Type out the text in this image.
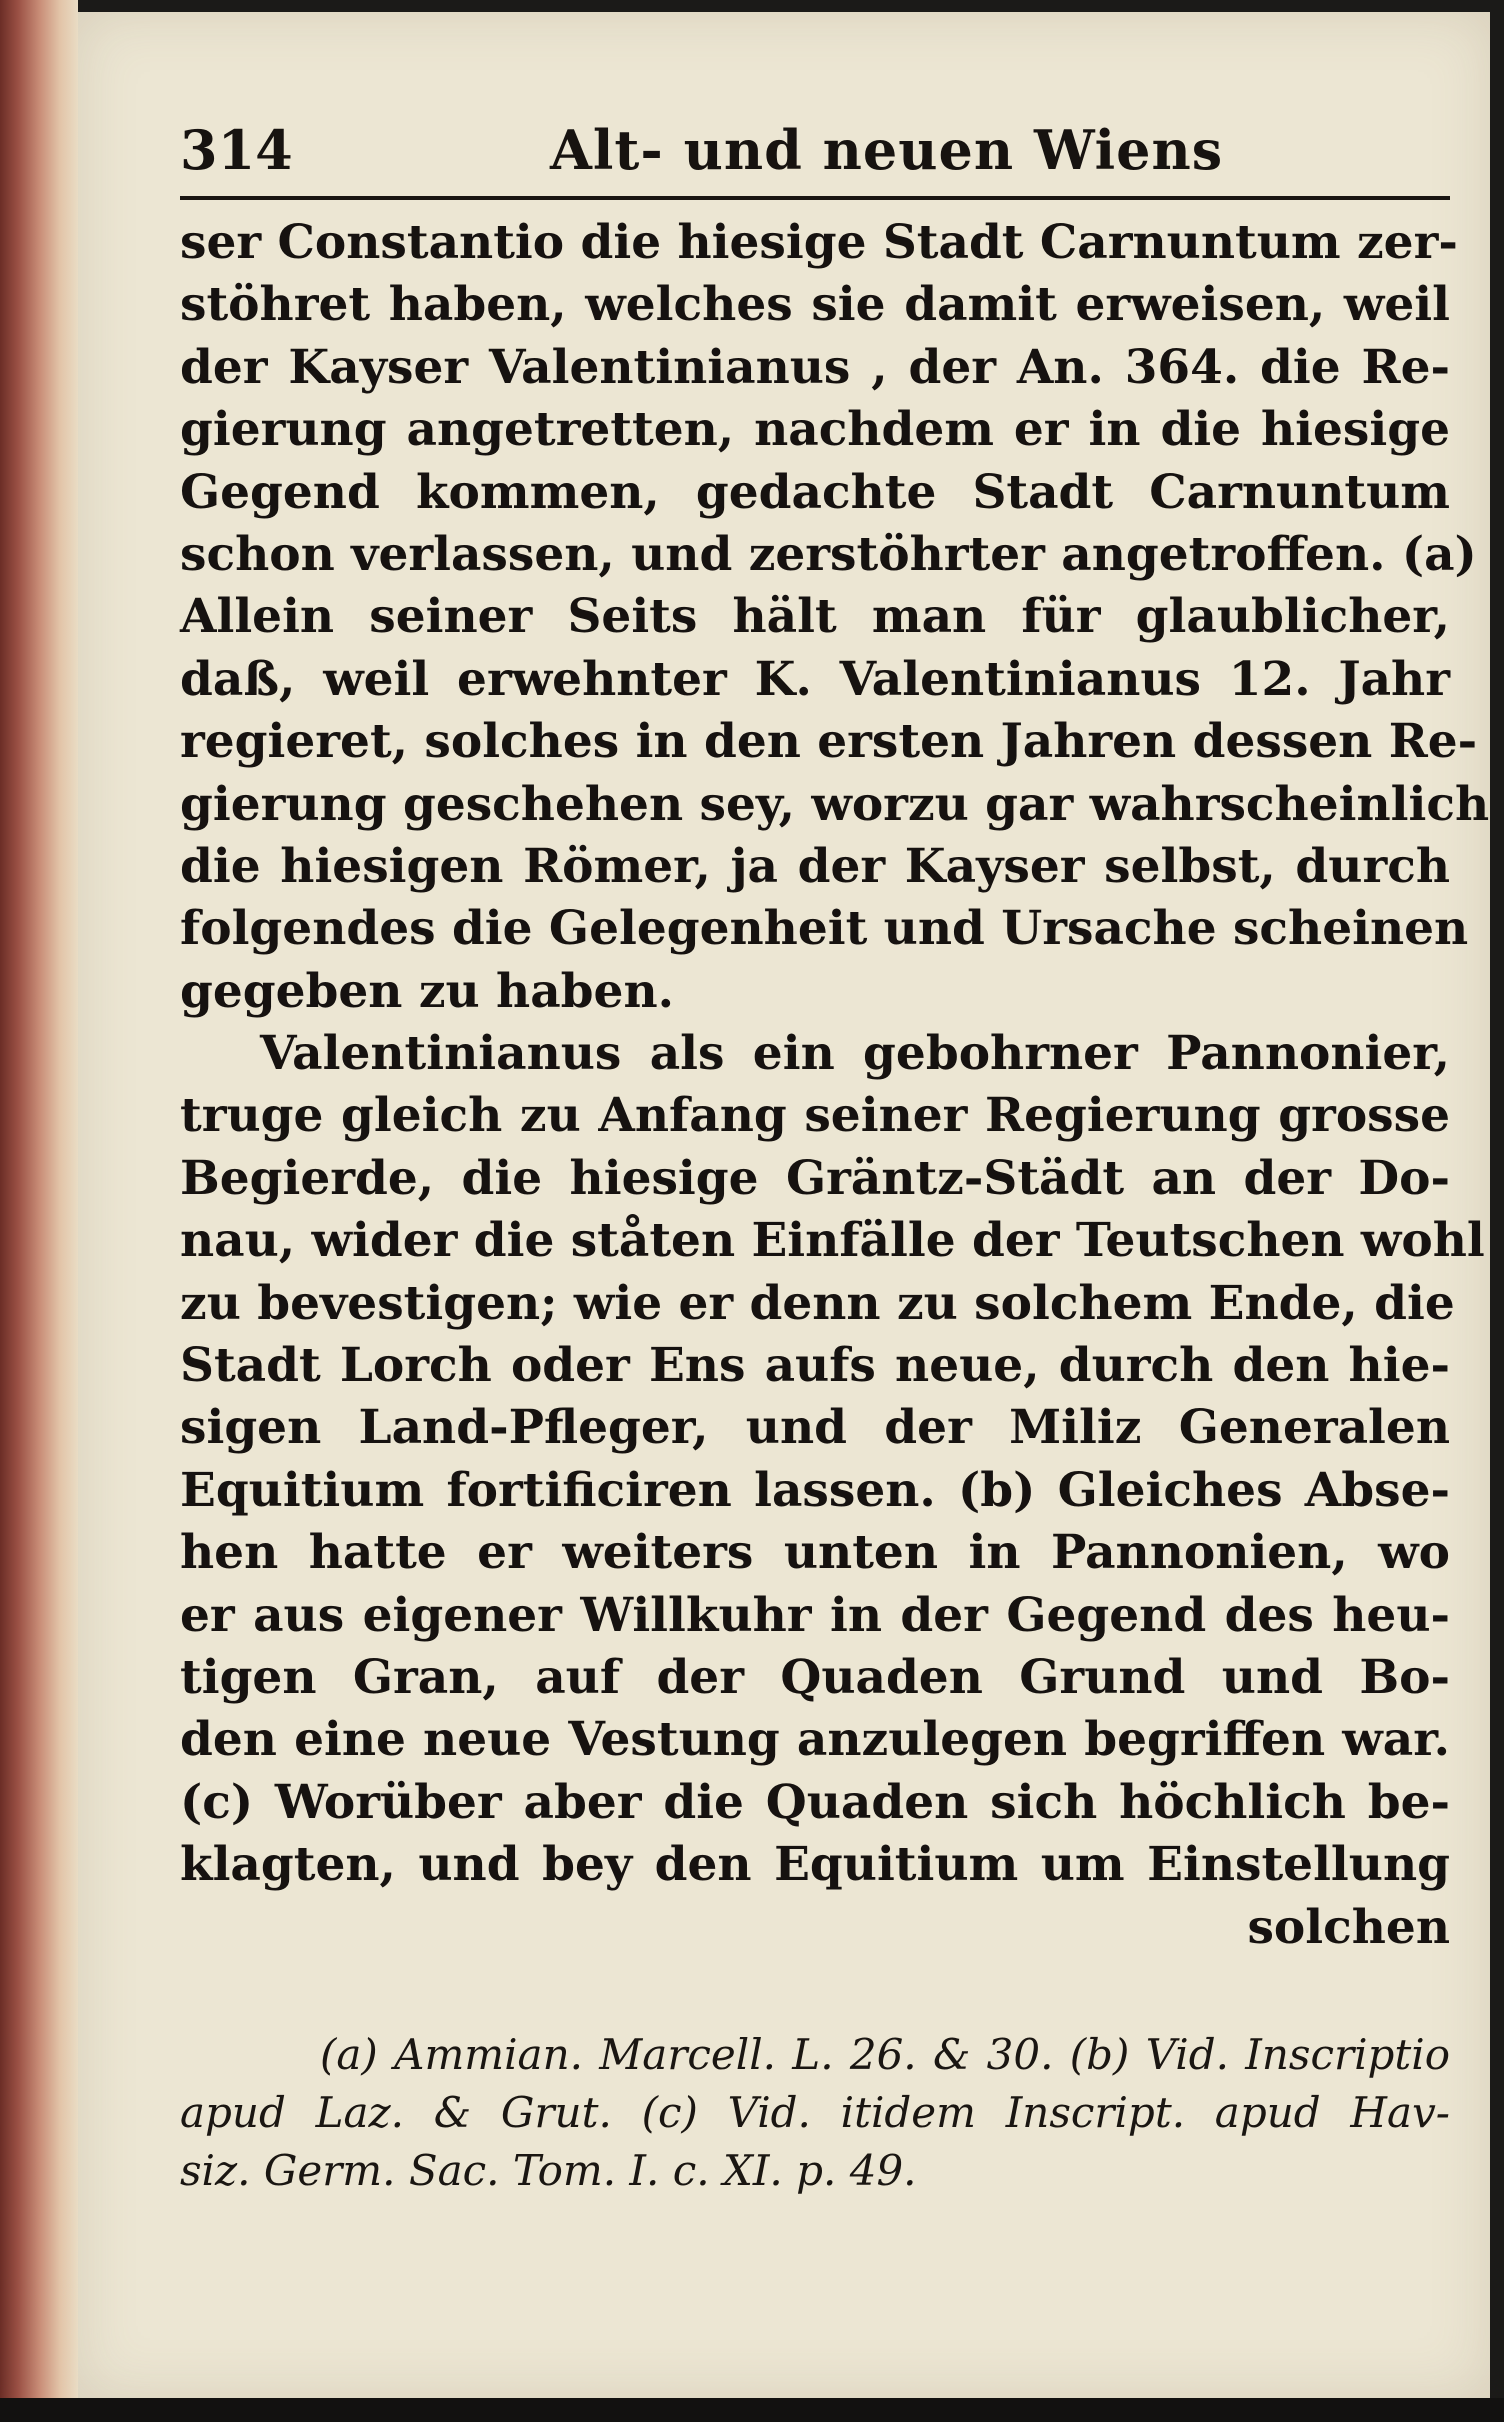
314	Alt- und neuen Wiens
ser Constantio die hiesige Stadt Carnuntum zer-
stöhret haben, welches sie damit erweisen, weil
der Kayser Valentinianus , der An. 364. die Re-
gierung angetretten, nachdem er in die hiesige
Gegend kommen, gedachte Stadt Carnuntum
schon verlassen, und zerstöhrter angetroffen. (a)
Allein seiner Seits hält man für glaublicher,
daß, weil erwehnter K. Valentinianus 12. Jahr
regieret, solches in den ersten Jahren dessen Re-
gierung geschehen sey, worzu gar wahrscheinlich
die hiesigen Römer, ja der Kayser selbst, durch
folgendes die Gelegenheit und Ursache scheinen
gegeben zu haben.
Valentinianus als ein gebohrner Pannonier,
truge gleich zu Anfang seiner Regierung grosse
Begierde, die hiesige Gräntz-Städt an der Do-
nau, wider die ståten Einfälle der Teutschen wohl
zu bevestigen; wie er denn zu solchem Ende, die
Stadt Lorch oder Ens aufs neue, durch den hie-
sigen Land-Pfleger, und der Miliz Generalen
Equitium fortificiren lassen. (b) Gleiches Abse-
hen hatte er weiters unten in Pannonien, wo
er aus eigener Willkuhr in der Gegend des heu-
tigen Gran, auf der Quaden Grund und Bo-
den eine neue Vestung anzulegen begriffen war.
(c) Worüber aber die Quaden sich höchlich be-
klagten, und bey den Equitium um Einstellung
solchen
(a) Ammian. Marcell. L. 26. & 30. (b) Vid. Inscriptio
apud Laz. & Grut. (c) Vid. itidem Inscript. apud Hav-
siz. Germ. Sac. Tom. I. c. XI. p. 49.
